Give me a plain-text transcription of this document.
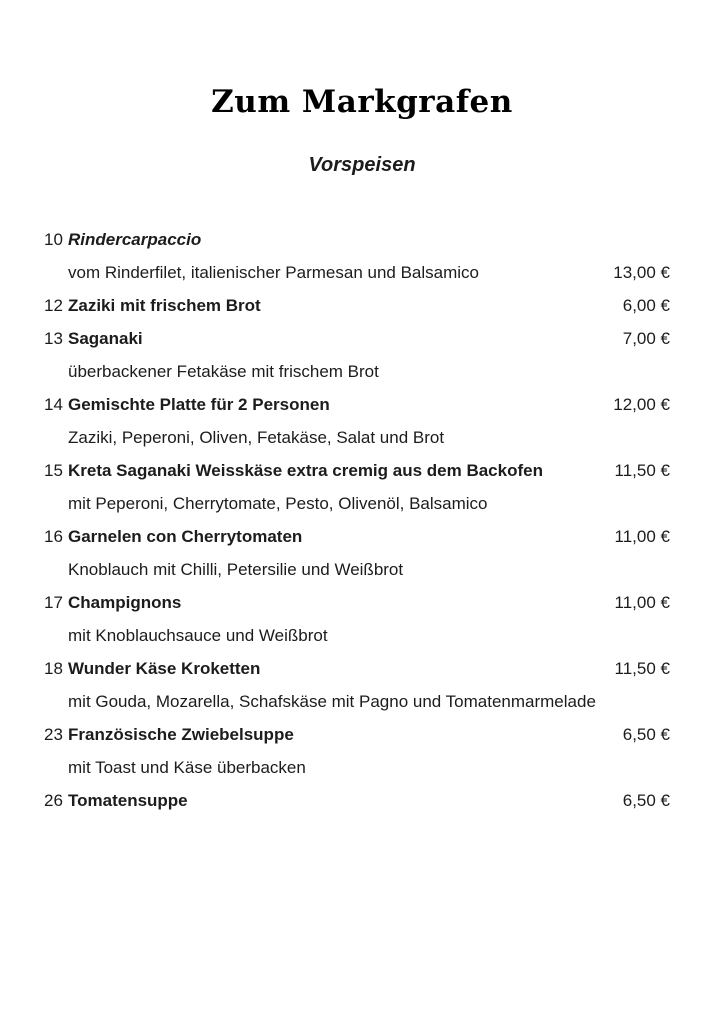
Zum Markgrafen
Vorspeisen
10 Rindercarpaccio
vom Rinderfilet, italienischer Parmesan und Balsamico	13,00 €
12 Zaziki mit frischem Brot	6,00 €
13 Saganaki	7,00 €
überbackener Fetakäse mit frischem Brot
14 Gemischte Platte für 2 Personen	12,00 €
Zaziki, Peperoni, Oliven, Fetakäse, Salat und Brot
15 Kreta Saganaki Weisskäse extra cremig aus dem Backofen	11,50 €
mit Peperoni, Cherrytomate, Pesto, Olivenöl, Balsamico
16 Garnelen con Cherrytomaten	11,00 €
Knoblauch mit Chilli, Petersilie und Weißbrot
17 Champignons	11,00 €
mit Knoblauchsauce und Weißbrot
18 Wunder Käse Kroketten	11,50 €
mit Gouda, Mozarella, Schafskäse mit Pagno und Tomatenmarmelade
23 Französische Zwiebelsuppe	6,50 €
mit Toast und Käse überbacken
26 Tomatensuppe	6,50 €
